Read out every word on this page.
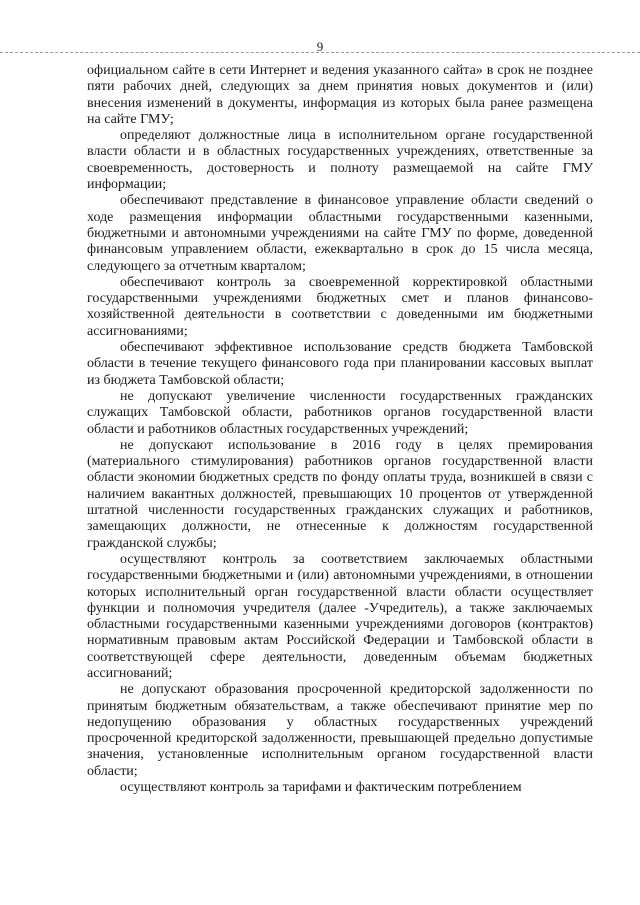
9

официальном сайте в сети Интернет и ведения указанного сайта» в срок не позднее пяти рабочих дней, следующих за днем принятия новых документов и (или) внесения изменений в документы, информация из которых была ранее размещена на сайте ГМУ;

определяют должностные лица в исполнительном органе государственной власти области и в областных государственных учреждениях, ответственные за своевременность, достоверность и полноту размещаемой на сайте ГМУ информации;

обеспечивают представление в финансовое управление области сведений о ходе размещения информации областными государственными казенными, бюджетными и автономными учреждениями на сайте ГМУ по форме, доведенной финансовым управлением области, ежеквартально в срок до 15 числа месяца, следующего за отчетным кварталом;

обеспечивают контроль за своевременной корректировкой областными государственными учреждениями бюджетных смет и планов финансово-хозяйственной деятельности в соответствии с доведенными им бюджетными ассигнованиями;

обеспечивают эффективное использование средств бюджета Тамбовской области в течение текущего финансового года при планировании кассовых выплат из бюджета Тамбовской области;

не допускают увеличение численности государственных гражданских служащих Тамбовской области, работников органов государственной власти области и работников областных государственных учреждений;

не допускают использование в 2016 году в целях премирования (материального стимулирования) работников органов государственной власти области экономии бюджетных средств по фонду оплаты труда, возникшей в связи с наличием вакантных должностей, превышающих 10 процентов от утвержденной штатной численности государственных гражданских служащих и работников, замещающих должности, не отнесенные к должностям государственной гражданской службы;

осуществляют контроль за соответствием заключаемых областными государственными бюджетными и (или) автономными учреждениями, в отношении которых исполнительный орган государственной власти области осуществляет функции и полномочия учредителя (далее -Учредитель), а также заключаемых областными государственными казенными учреждениями договоров (контрактов) нормативным правовым актам Российской Федерации и Тамбовской области в соответствующей сфере деятельности, доведенным объемам бюджетных ассигнований;

не допускают образования просроченной кредиторской задолженности по принятым бюджетным обязательствам, а также обеспечивают принятие мер по недопущению образования у областных государственных учреждений просроченной кредиторской задолженности, превышающей предельно допустимые значения, установленные исполнительным органом государственной власти области;

осуществляют контроль за тарифами и фактическим потреблением
